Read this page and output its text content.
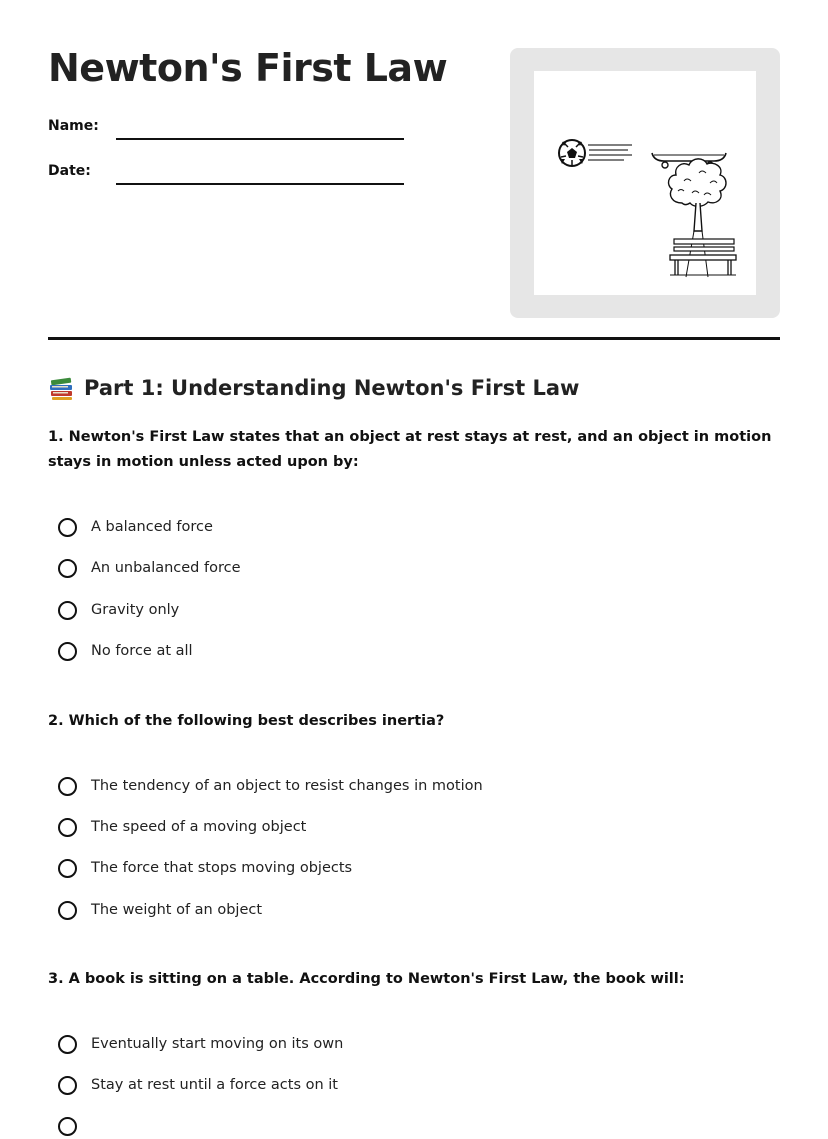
Newton's First Law
Name:
Date:
Part 1: Understanding Newton's First Law

1. Newton's First Law states that an object at rest stays at rest, and an object in motion stays in motion unless acted upon by:

A balanced force
An unbalanced force
Gravity only
No force at all

2. Which of the following best describes inertia?

The tendency of an object to resist changes in motion
The speed of a moving object
The force that stops moving objects
The weight of an object

3. A book is sitting on a table. According to Newton's First Law, the book will:

Eventually start moving on its own
Stay at rest until a force acts on it
